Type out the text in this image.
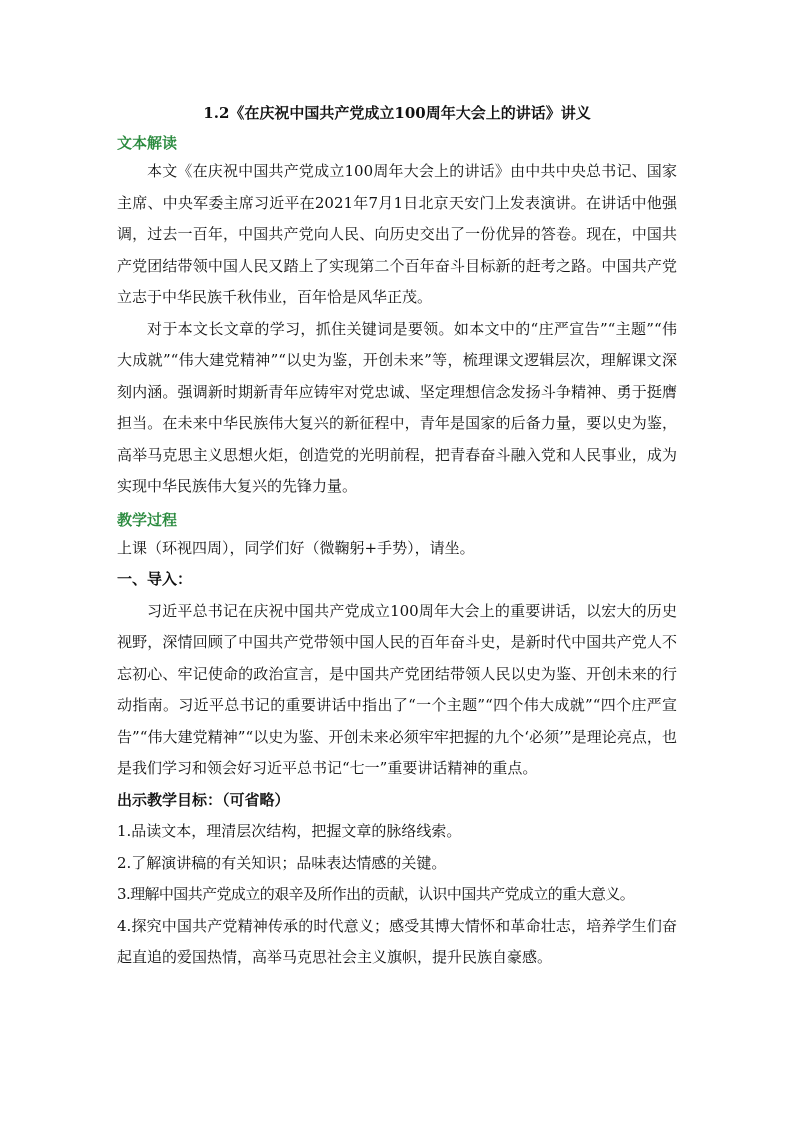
1.2《在庆祝中国共产党成立100周年大会上的讲话》讲义

文本解读

本文《在庆祝中国共产党成立100周年大会上的讲话》由中共中央总书记、国家主席、中央军委主席习近平在2021年7月1日北京天安门上发表演讲。在讲话中他强调，过去一百年，中国共产党向人民、向历史交出了一份优异的答卷。现在，中国共产党团结带领中国人民又踏上了实现第二个百年奋斗目标新的赶考之路。中国共产党立志于中华民族千秋伟业，百年恰是风华正茂。

对于本文长文章的学习，抓住关键词是要领。如本文中的“庄严宣告”“主题”“伟大成就”“伟大建党精神”“以史为鉴，开创未来”等，梳理课文逻辑层次，理解课文深刻内涵。强调新时期新青年应铸牢对党忠诚、坚定理想信念发扬斗争精神、勇于挺膺担当。在未来中华民族伟大复兴的新征程中，青年是国家的后备力量，要以史为鉴，高举马克思主义思想火炬，创造党的光明前程，把青春奋斗融入党和人民事业，成为实现中华民族伟大复兴的先锋力量。

教学过程

上课（环视四周），同学们好（微鞠躬+手势），请坐。

一、导入：

习近平总书记在庆祝中国共产党成立100周年大会上的重要讲话，以宏大的历史视野，深情回顾了中国共产党带领中国人民的百年奋斗史，是新时代中国共产党人不忘初心、牢记使命的政治宣言，是中国共产党团结带领人民以史为鉴、开创未来的行动指南。习近平总书记的重要讲话中指出了“一个主题”“四个伟大成就”“四个庄严宣告”“伟大建党精神”“以史为鉴、开创未来必须牢牢把握的九个‘必须’”是理论亮点，也是我们学习和领会好习近平总书记“七一”重要讲话精神的重点。

出示教学目标：（可省略）

1.品读文本，理清层次结构，把握文章的脉络线索。

2.了解演讲稿的有关知识；品味表达情感的关键。

3.理解中国共产党成立的艰辛及所作出的贡献，认识中国共产党成立的重大意义。

4.探究中国共产党精神传承的时代意义；感受其博大情怀和革命壮志，培养学生们奋起直追的爱国热情，高举马克思社会主义旗帜，提升民族自豪感。
